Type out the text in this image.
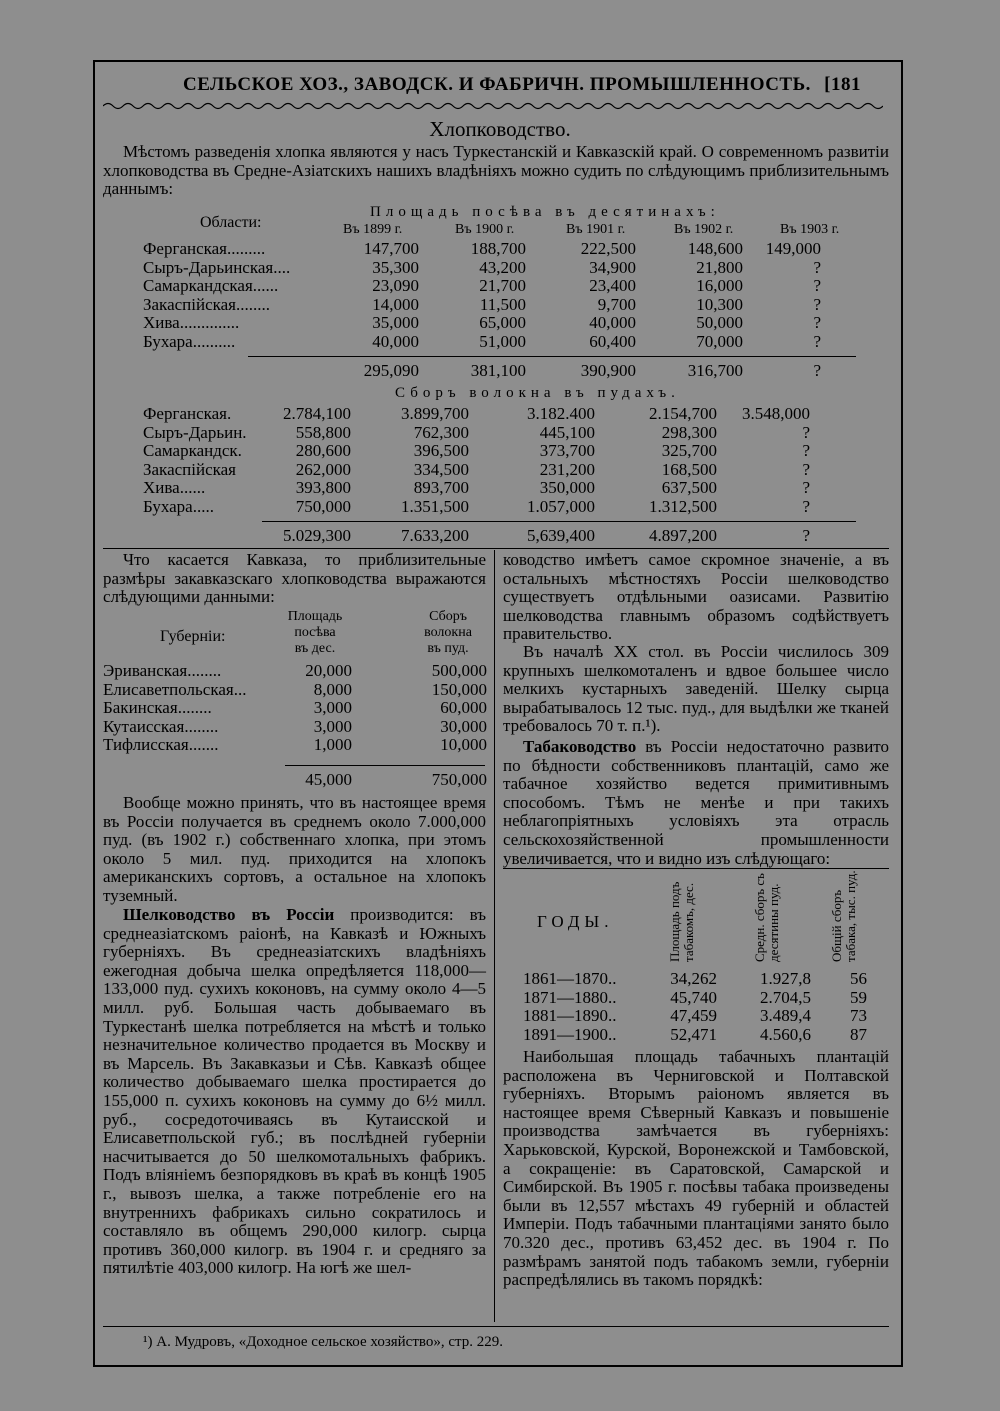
СЕЛЬСКОЕ ХОЗ., ЗАВОДСК. И ФАБРИЧН. ПРОМЫШЛЕННОСТЬ. [181
Хлопководство.

Мѣстомъ разведенія хлопка являются у насъ Туркестанскій и Кавказскій край. О современномъ развитіи хлопководства въ Средне-Азіатскихъ нашихъ владѣніяхъ можно судить по слѣдующимъ приблизительнымъ даннымъ:

Области:
Площадь посѣва въ десятинахъ:
Въ 1899 г.	Въ 1900 г.	Въ 1901 г.	Въ 1902 г.	Въ 1903 г.
Ферганская.........	147,700	188,700	222,500	148,600	149,000
Сыръ-Дарьинская....	35,300	43,200	34,900	21,800	?
Самаркандская......	23,090	21,700	23,400	16,000	?
Закаспійская........	14,000	11,500	9,700	10,300	?
Хива..............	35,000	65,000	40,000	50,000	?
Бухара..........	40,000	51,000	60,400	70,000	?
	295,090	381,100	390,900	316,700	?
Сборъ волокна въ пудахъ.
Ферганская.	2.784,100	3.899,700	3.182.400	2.154,700	3.548,000
Сыръ-Дарьин.	558,800	762,300	445,100	298,300	?
Самаркандск.	280,600	396,500	373,700	325,700	?
Закаспійская	262,000	334,500	231,200	168,500	?
Хива......	393,800	893,700	350,000	637,500	?
Бухара.....	750,000	1.351,500	1.057,000	1.312,500	?
	5.029,300	7.633,200	5,639,400	4.897,200	?

Что касается Кавказа, то приблизительные размѣры закавказскаго хлопководства выражаются слѣдующими данными:

Губерніи:
Площадь
посѣва
въ дес.
Сборъ
волокна
въ пуд.
Эриванская........	20,000	500,000
Елисаветпольская...	8,000	150,000
Бакинская........	3,000	60,000
Кутаисская........	3,000	30,000
Тифлисская.......	1,000	10,000
	45,000	750,000

Вообще можно принять, что въ настоящее время въ Россіи получается въ среднемъ около 7.000,000 пуд. (въ 1902 г.) собственнаго хлопка, при этомъ около 5 мил. пуд. приходится на хлопокъ американскихъ сортовъ, а остальное на хлопокъ туземный.

Шелководство въ Россіи производится: въ среднеазіатскомъ раіонѣ, на Кавказѣ и Южныхъ губерніяхъ. Въ среднеазіатскихъ владѣніяхъ ежегодная добыча шелка опредѣляется 118,000—133,000 пуд. сухихъ коконовъ, на сумму около 4—5 милл. руб. Большая часть добываемаго въ Туркестанѣ шелка потребляется на мѣстѣ и только незначительное количество продается въ Москву и въ Марсель. Въ Закавказьи и Сѣв. Кавказѣ общее количество добываемаго шелка простирается до 155,000 п. сухихъ коконовъ на сумму до 6½ милл. руб., сосредоточиваясь въ Кутаисской и Елисаветпольской губ.; въ послѣдней губерніи насчитывается до 50 шелкомотальныхъ фабрикъ. Подъ вліяніемъ безпорядковъ въ краѣ въ концѣ 1905 г., вывозъ шелка, а также потребленіе его на внутреннихъ фабрикахъ сильно сократилось и составляло въ общемъ 290,000 килогр. сырца противъ 360,000 килогр. въ 1904 г. и средняго за пятилѣтіе 403,000 килогр. На югѣ же шел-

ководство имѣетъ самое скромное значеніе, а въ остальныхъ мѣстностяхъ Россіи шелководство существуетъ отдѣльными оазисами. Развитію шелководства главнымъ образомъ содѣйствуетъ правительство.

Въ началѣ XX стол. въ Россіи числилось 309 крупныхъ шелкомоталенъ и вдвое большее число мелкихъ кустарныхъ заведеній. Шелку сырца вырабатывалось 12 тыс. пуд., для выдѣлки же тканей требовалось 70 т. п.¹).

Табаководство въ Россіи недостаточно развито по бѣдности собственниковъ плантацій, само же табачное хозяйство ведется примитивнымъ способомъ. Тѣмъ не менѣе и при такихъ неблагопріятныхъ условіяхъ эта отрасль сельскохозяйственной промышленности увеличивается, что и видно изъ слѣдующаго:

ГОДЫ.	Площадь подъ табакомъ, дес.	Средн. сборъ съ десятины пуд.	Общій сборъ табака, тыс. пуд.
1861—1870..	34,262	1.927,8	56
1871—1880..	45,740	2.704,5	59
1881—1890..	47,459	3.489,4	73
1891—1900..	52,471	4.560,6	87

Наибольшая площадь табачныхъ плантацій расположена въ Черниговской и Полтавской губерніяхъ. Вторымъ раіономъ является въ настоящее время Сѣверный Кавказъ и повышеніе производства замѣчается въ губерніяхъ: Харьковской, Курской, Воронежской и Тамбовской, а сокращеніе: въ Саратовской, Самарской и Симбирской. Въ 1905 г. посѣвы табака произведены были въ 12,557 мѣстахъ 49 губерній и областей Имперіи. Подъ табачными плантаціями занято было 70.320 дес., противъ 63,452 дес. въ 1904 г. По размѣрамъ занятой подъ табакомъ земли, губерніи распредѣлялись въ такомъ порядкѣ:

¹) А. Мудровъ, «Доходное сельское хозяйство», стр. 229.
